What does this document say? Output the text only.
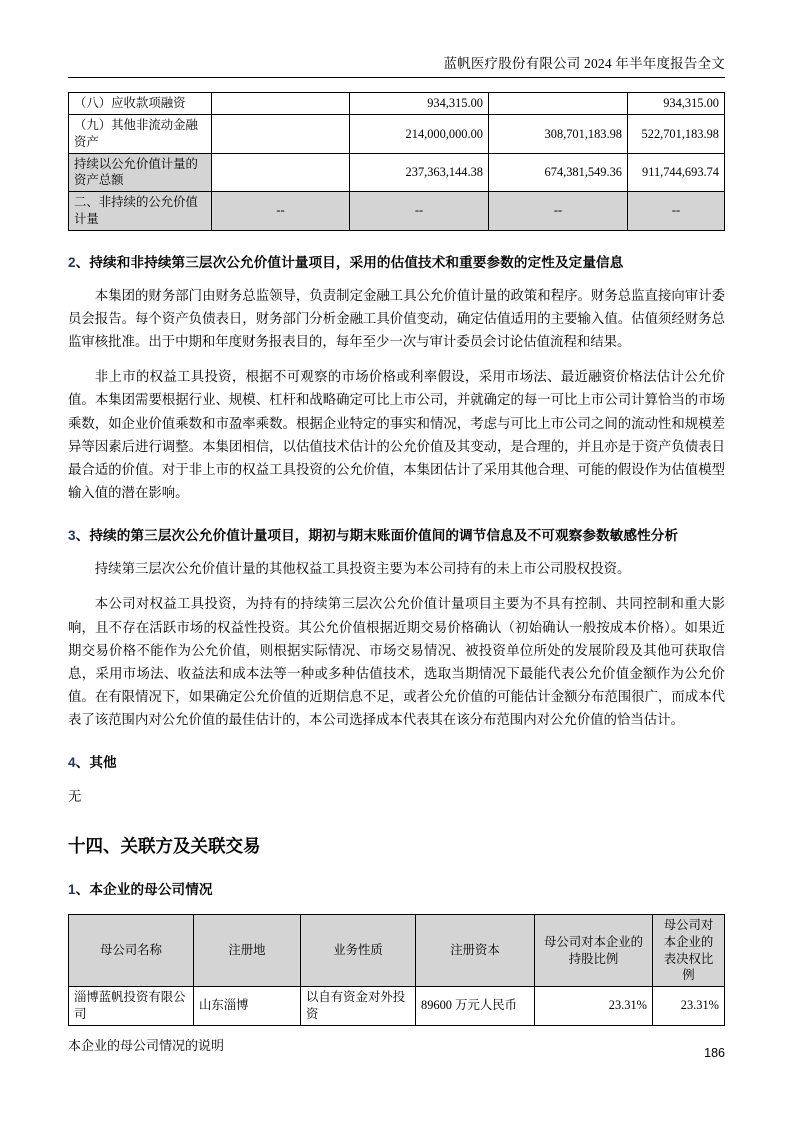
蓝帆医疗股份有限公司 2024 年半年度报告全文
（八）应收款项融资		934,315.00		934,315.00
（九）其他非流动金融资产		214,000,000.00	308,701,183.98	522,701,183.98
持续以公允价值计量的资产总额		237,363,144.38	674,381,549.36	911,744,693.74
二、非持续的公允价值计量	--	--	--	--
2、持续和非持续第三层次公允价值计量项目，采用的估值技术和重要参数的定性及定量信息

本集团的财务部门由财务总监领导，负责制定金融工具公允价值计量的政策和程序。财务总监直接向审计委员会报告。每个资产负债表日，财务部门分析金融工具价值变动，确定估值适用的主要输入值。估值须经财务总监审核批准。出于中期和年度财务报表目的，每年至少一次与审计委员会讨论估值流程和结果。

非上市的权益工具投资，根据不可观察的市场价格或利率假设，采用市场法、最近融资价格法估计公允价值。本集团需要根据行业、规模、杠杆和战略确定可比上市公司，并就确定的每一可比上市公司计算恰当的市场乘数，如企业价值乘数和市盈率乘数。根据企业特定的事实和情况，考虑与可比上市公司之间的流动性和规模差异等因素后进行调整。本集团相信，以估值技术估计的公允价值及其变动，是合理的，并且亦是于资产负债表日最合适的价值。对于非上市的权益工具投资的公允价值，本集团估计了采用其他合理、可能的假设作为估值模型输入值的潜在影响。

3、持续的第三层次公允价值计量项目，期初与期末账面价值间的调节信息及不可观察参数敏感性分析

持续第三层次公允价值计量的其他权益工具投资主要为本公司持有的未上市公司股权投资。

本公司对权益工具投资，为持有的持续第三层次公允价值计量项目主要为不具有控制、共同控制和重大影响，且不存在活跃市场的权益性投资。其公允价值根据近期交易价格确认（初始确认一般按成本价格）。如果近期交易价格不能作为公允价值，则根据实际情况、市场交易情况、被投资单位所处的发展阶段及其他可获取信息，采用市场法、收益法和成本法等一种或多种估值技术，选取当期情况下最能代表公允价值金额作为公允价值。在有限情况下，如果确定公允价值的近期信息不足，或者公允价值的可能估计金额分布范围很广，而成本代表了该范围内对公允价值的最佳估计的，本公司选择成本代表其在该分布范围内对公允价值的恰当估计。

4、其他

无

十四、关联方及关联交易
1、本企业的母公司情况
母公司名称	注册地	业务性质	注册资本	母公司对本企业的持股比例	母公司对本企业的表决权比例
淄博蓝帆投资有限公司	山东淄博	以自有资金对外投资	89600 万元人民币	23.31%	23.31%

本企业的母公司情况的说明

186
